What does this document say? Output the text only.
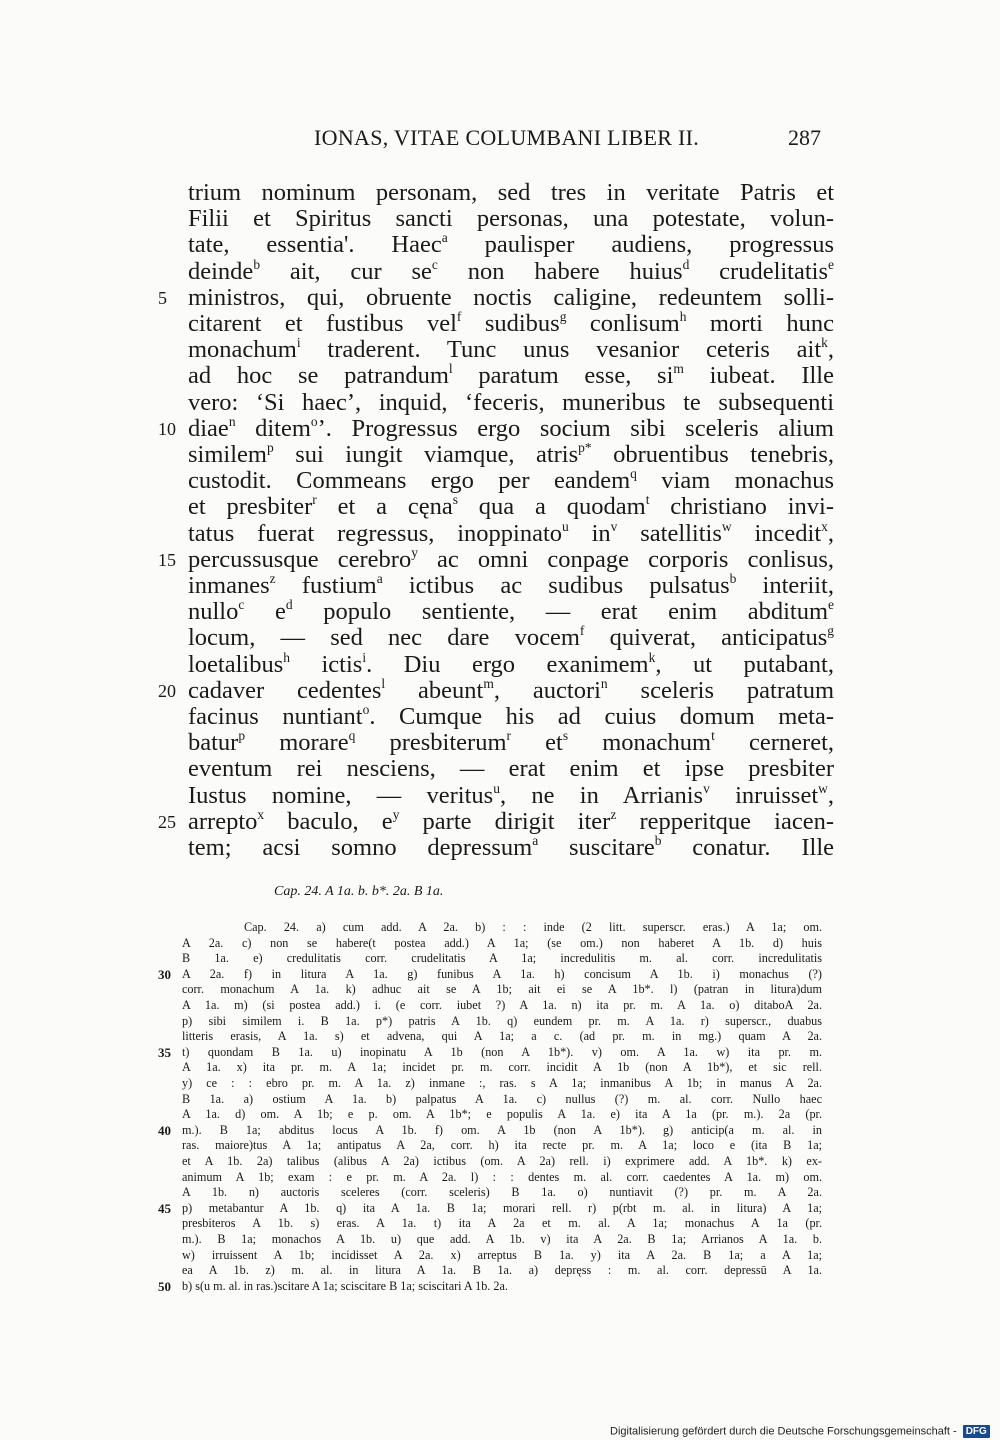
IONAS, VITAE COLUMBANI LIBER II.	287
trium nominum personam, sed tres in veritate Patris et
Filii et Spiritus sancti personas, una potestate, volun-
tate, essentia'. Haec$^a$ paulisper audiens, progressus
deinde$^b$ ait, cur $se^c$ non habere huius$^d$ crudelitatis$^e$
ministros, qui, obruente noctis caligine, redeuntem solli-
citarent et fustibus vel$^f$ sudibus$^g$ conlisum$^h$ morti hunc
monachum$^i$ traderent. Tunc unus vesanior ceteris ait$^k$,
ad hoc se patrandum$^l$ paratum esse, $si^m$ iubeat. Ille
vero: ‘Si haec’, inquid, ‘feceris, muneribus te subsequenti
diae$^n$ ditem$^o$’. Progressus ergo socium sibi sceleris alium
similem$^p$ sui iungit viamque, atris$^{p*}$ obruentibus tenebris,
custodit. Commeans ergo per eandem$^q$ viam monachus
et presbiter$^r$ et a cęna$^s$ qua a quodam$^t$ christiano invi-
tatus fuerat regressus, inoppinato$^u$ $in^v$ satellitis$^w$ incedit$^x$,
percussusque cerebro$^y$ ac omni conpage corporis conlisus,
inmanes$^z$ fustium$^a$ ictibus ac sudibus pulsatus$^b$ interiit,
nullo$^c$ $e^d$ populo sentiente, — erat enim abditum$^e$
locum, — sed nec dare vocem$^f$ quiverat, anticipatus$^g$
loetalibus$^h$ ictis$^i$. Diu ergo exanimem$^k$, ut putabant,
cadaver cedentes$^l$ abeunt$^m$, auctori$^n$ sceleris patratum
facinus nuntiant$^o$. Cumque his ad cuius domum meta-
batur$^p$ morare$^q$ presbiterum$^r$ $et^s$ monachum$^t$ cerneret,
eventum rei nesciens, — erat enim et ipse presbiter
Iustus nomine, — veritus$^u$, ne in Arrianis$^v$ inruisset$^w$,
arrepto$^x$ baculo, $e^y$ parte dirigit iter$^z$ repperitque iacen-
tem; acsi somno depressum$^a$ suscitare$^b$ conatur. Ille
5
10
15
20
25
Cap. 24. A 1a. b. b*. 2a. B 1a.
Cap. 24. a) cum add. A 2a. b) : : inde (2 litt. superscr. eras.) A 1a; om.
A 2a. c) non se habere(t postea add.) A 1a; (se om.) non haberet A 1b. d) huis
B 1a. e) credulitatis corr. crudelitatis A 1a; incredulitis m. al. corr. incredulitatis
A 2a. f) in litura A 1a. g) funibus A 1a. h) concisum A 1b. i) monachus (?)
corr. monachum A 1a. k) adhuc ait se A 1b; ait ei se A 1b*. l) (patran in litura)dum
A 1a. m) (si postea add.) i. (e corr. iubet ?) A 1a. n) ita pr. m. A 1a. o) ditaboA 2a.
p) sibi similem i. B 1a. p*) patris A 1b. q) eundem pr. m. A 1a. r) superscr., duabus
litteris erasis, A 1a. s) et advena, qui A 1a; a c. (ad pr. m. in mg.) quam A 2a.
t) quondam B 1a. u) inopinatu A 1b (non A 1b*). v) om. A 1a. w) ita pr. m.
A 1a. x) ita pr. m. A 1a; incidet pr. m. corr. incidit A 1b (non A 1b*), et sic rell.
y) ce : : ebro pr. m. A 1a. z) inmane :, ras. s A 1a; inmanibus A 1b; in manus A 2a.
B 1a. a) ostium A 1a. b) palpatus A 1a. c) nullus (?) m. al. corr. Nullo haec
A 1a. d) om. A 1b; e p. om. A 1b*; e populis A 1a. e) ita A 1a (pr. m.). 2a (pr.
m.). B 1a; abditus locus A 1b. f) om. A 1b (non A 1b*). g) anticip(a m. al. in
ras. maiore)tus A 1a; antipatus A 2a, corr. h) ita recte pr. m. A 1a; loco e (ita B 1a;
et A 1b. 2a) talibus (alibus A 2a) ictibus (om. A 2a) rell. i) exprimere add. A 1b*. k) ex-
animum A 1b; exam : e pr. m. A 2a. l) : : dentes m. al. corr. caedentes A 1a. m) om.
A 1b. n) auctoris sceleres (corr. sceleris) B 1a. o) nuntiavit (?) pr. m. A 2a.
p) metabantur A 1b. q) ita A 1a. B 1a; morari rell. r) p(rbt m. al. in litura) A 1a;
presbiteros A 1b. s) eras. A 1a. t) ita A 2a et m. al. A 1a; monachus A 1a (pr.
m.). B 1a; monachos A 1b. u) que add. A 1b. v) ita A 2a. B 1a; Arrianos A 1a. b.
w) irruissent A 1b; incidisset A 2a. x) arreptus B 1a. y) ita A 2a. B 1a; a A 1a;
ea A 1b. z) m. al. in litura A 1a. B 1a. a) depręss : m. al. corr. depressū A 1a.
b) s(u m. al. in ras.)scitare A 1a; sciscitare B 1a; sciscitari A 1b. 2a.
30
35
40
45
50
Digitalisierung gefördert durch die Deutsche Forschungsgemeinschaft - DFG
